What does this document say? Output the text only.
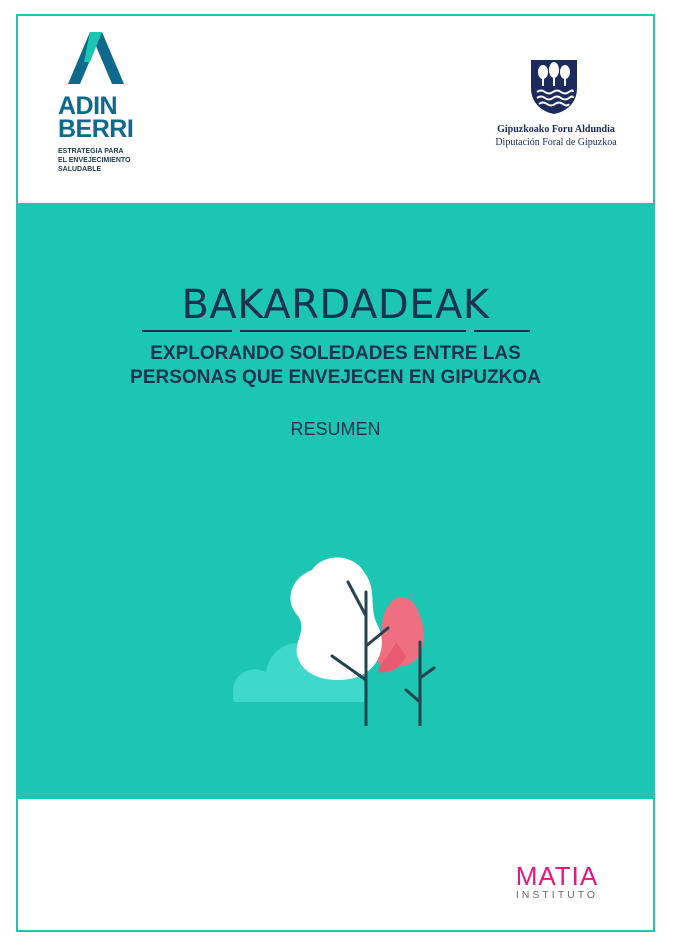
ADIN
BERRI
ESTRATEGIA PARA
EL ENVEJECIMIENTO
SALUDABLE
Gipuzkoako Foru Aldundia
Diputación Foral de Gipuzkoa
BAKARDADEAK
EXPLORANDO SOLEDADES ENTRE LAS
PERSONAS QUE ENVEJECEN EN GIPUZKOA
RESUMEN
MATIA
INSTITUTO
